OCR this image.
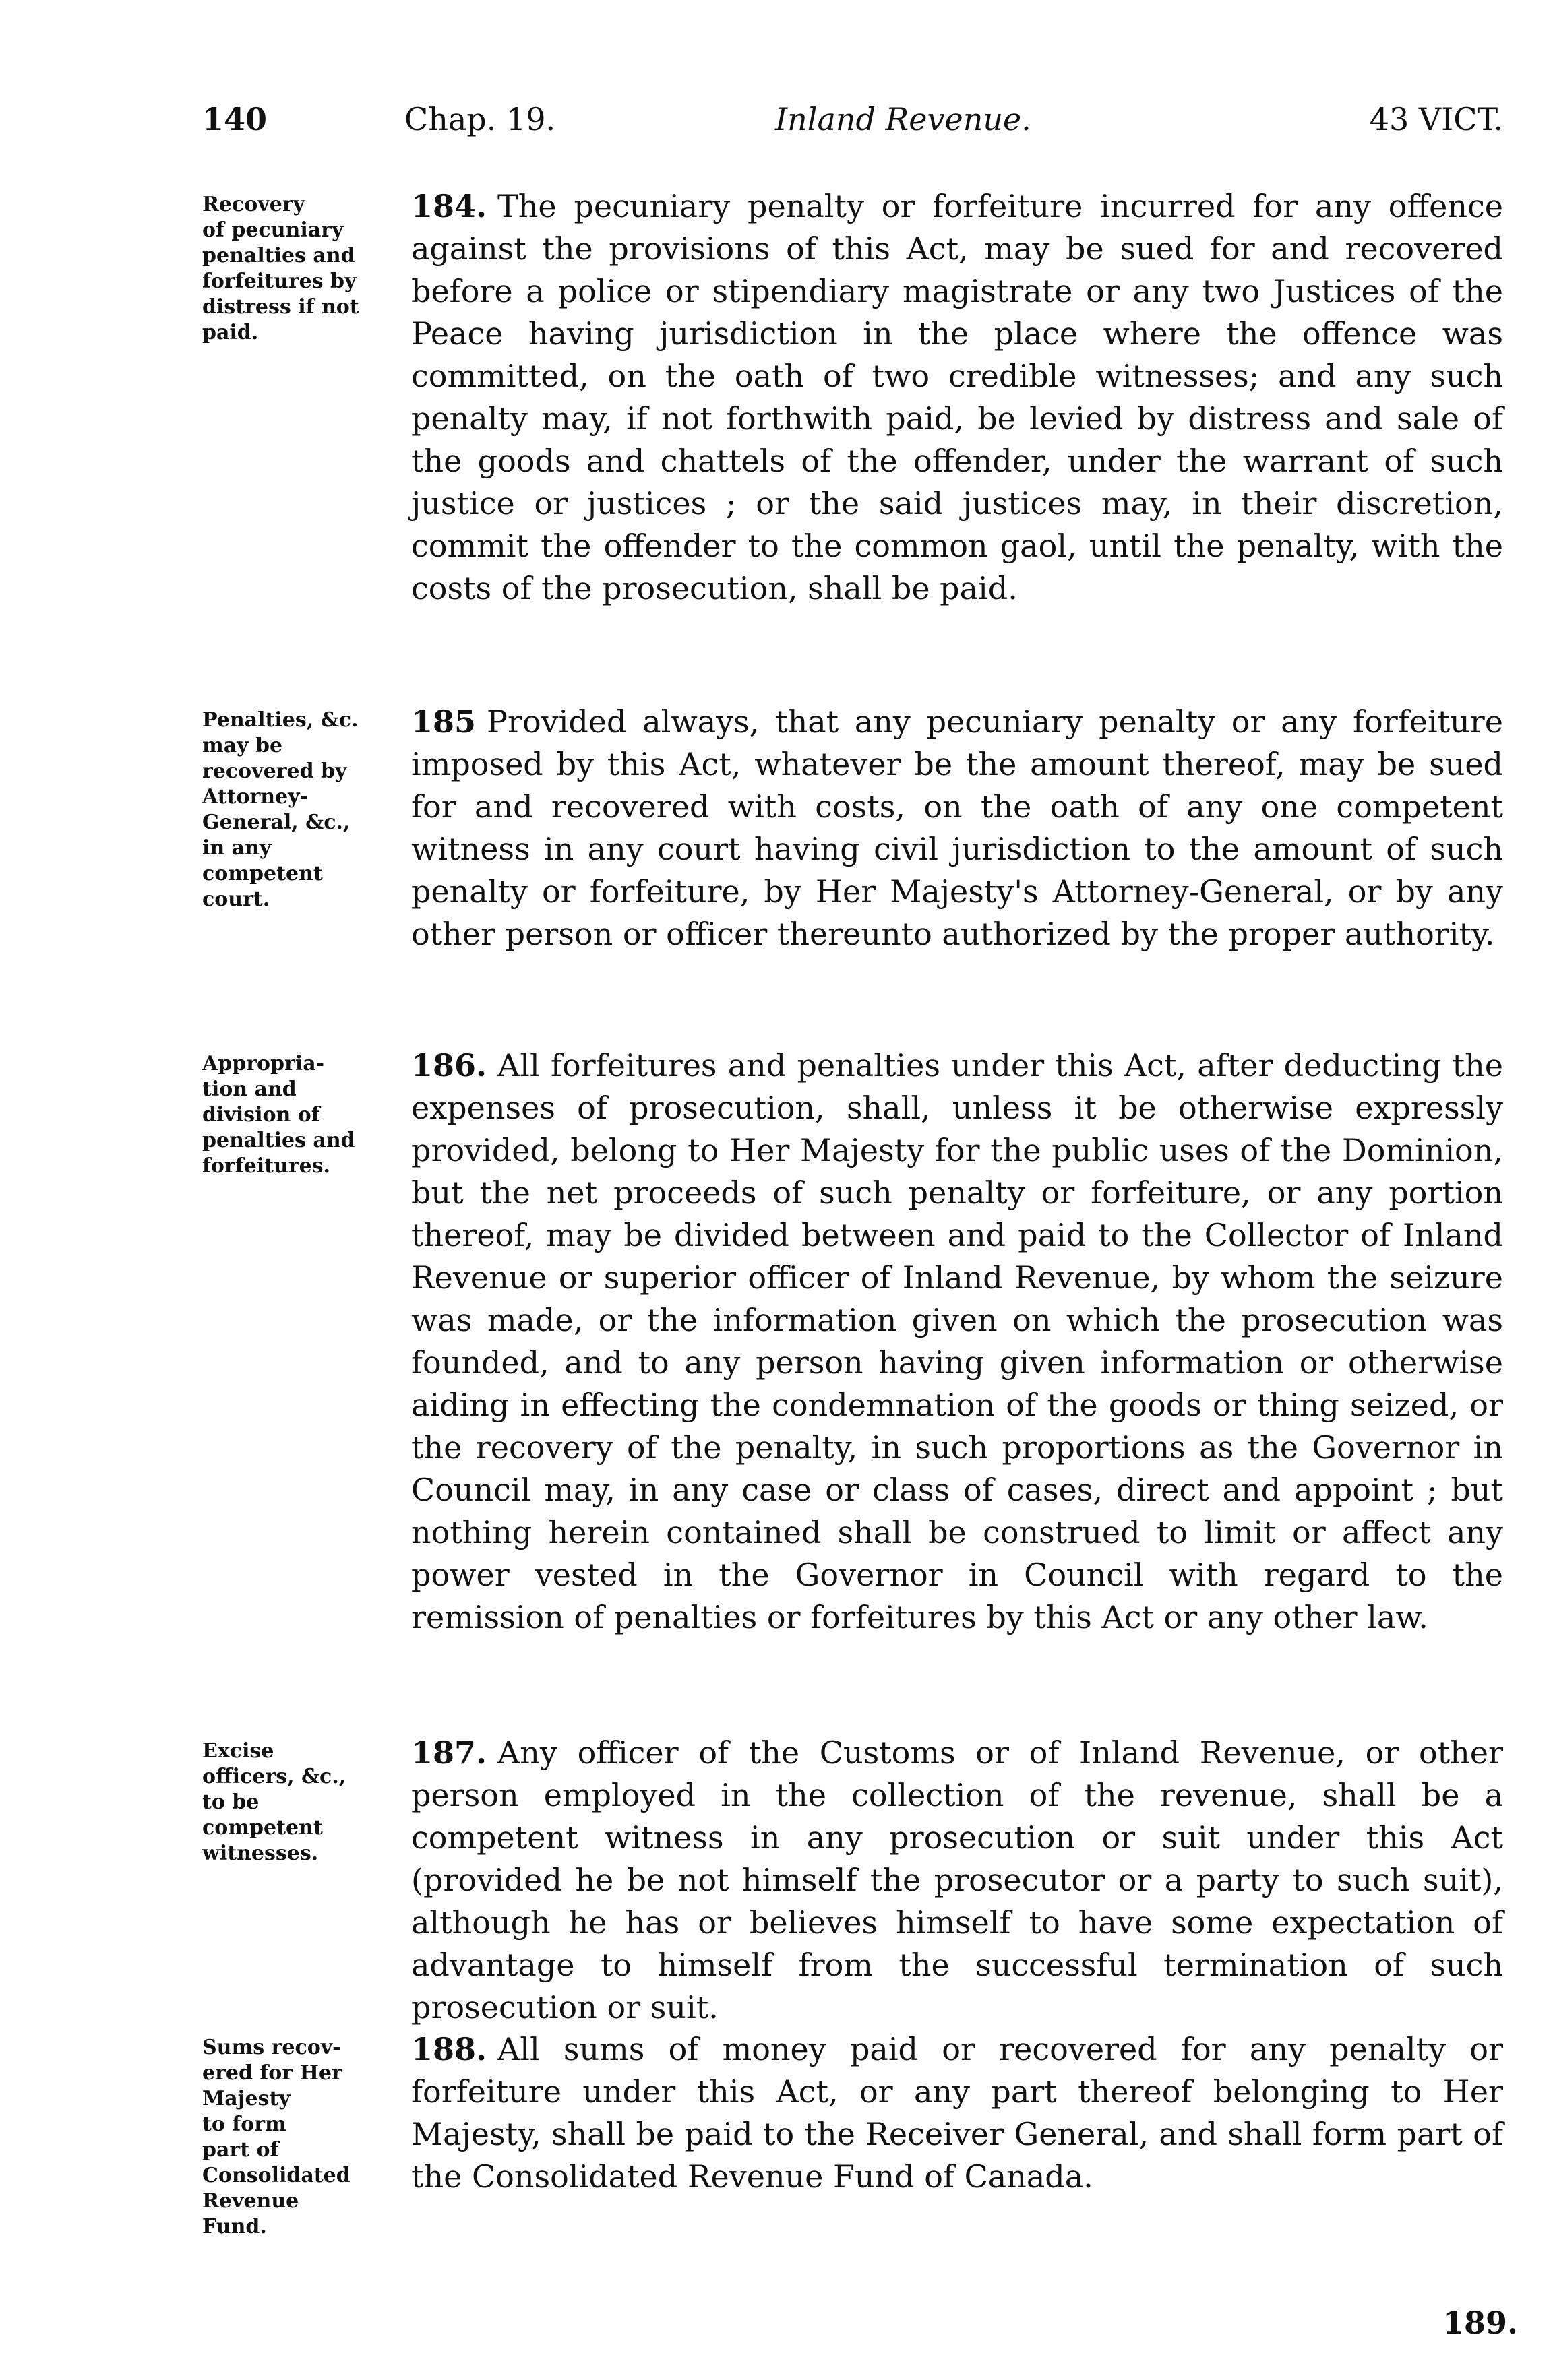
140	Chap. 19.	Inland Revenue.	43 VICT.
Recovery
of pecuniary
penalties and
forfeitures by
distress if not
paid.
184. The pecuniary penalty or forfeiture incurred for any offence against the provisions of this Act, may be sued for and recovered before a police or stipendiary magistrate or any two Justices of the Peace having jurisdiction in the place where the offence was committed, on the oath of two credible witnesses; and any such penalty may, if not forthwith paid, be levied by distress and sale of the goods and chattels of the offender, under the warrant of such justice or justices ; or the said justices may, in their discretion, commit the offender to the common gaol, until the penalty, with the costs of the prosecution, shall be paid.
Penalties, &c.
may be
recovered by
Attorney-
General, &c.,
in any
competent
court.
185 Provided always, that any pecuniary penalty or any forfeiture imposed by this Act, whatever be the amount thereof, may be sued for and recovered with costs, on the oath of any one competent witness in any court having civil jurisdiction to the amount of such penalty or forfeiture, by Her Majesty's Attorney-General, or by any other person or officer thereunto authorized by the proper authority.
Appropria-
tion and
division of
penalties and
forfeitures.
186. All forfeitures and penalties under this Act, after deducting the expenses of prosecution, shall, unless it be otherwise expressly provided, belong to Her Majesty for the public uses of the Dominion, but the net proceeds of such penalty or forfeiture, or any portion thereof, may be divided between and paid to the Collector of Inland Revenue or superior officer of Inland Revenue, by whom the seizure was made, or the information given on which the prosecution was founded, and to any person having given information or otherwise aiding in effecting the condemnation of the goods or thing seized, or the recovery of the penalty, in such proportions as the Governor in Council may, in any case or class of cases, direct and appoint ; but nothing herein contained shall be construed to limit or affect any power vested in the Governor in Council with regard to the remission of penalties or forfeitures by this Act or any other law.
Excise
officers, &c.,
to be
competent
witnesses.
187. Any officer of the Customs or of Inland Revenue, or other person employed in the collection of the revenue, shall be a competent witness in any prosecution or suit under this Act (provided he be not himself the prosecutor or a party to such suit), although he has or believes himself to have some expectation of advantage to himself from the successful termination of such prosecution or suit.
Sums recov-
ered for Her
Majesty
to form
part of
Consolidated
Revenue
Fund.
188. All sums of money paid or recovered for any penalty or forfeiture under this Act, or any part thereof belonging to Her Majesty, shall be paid to the Receiver General, and shall form part of the Consolidated Revenue Fund of Canada.
189.
